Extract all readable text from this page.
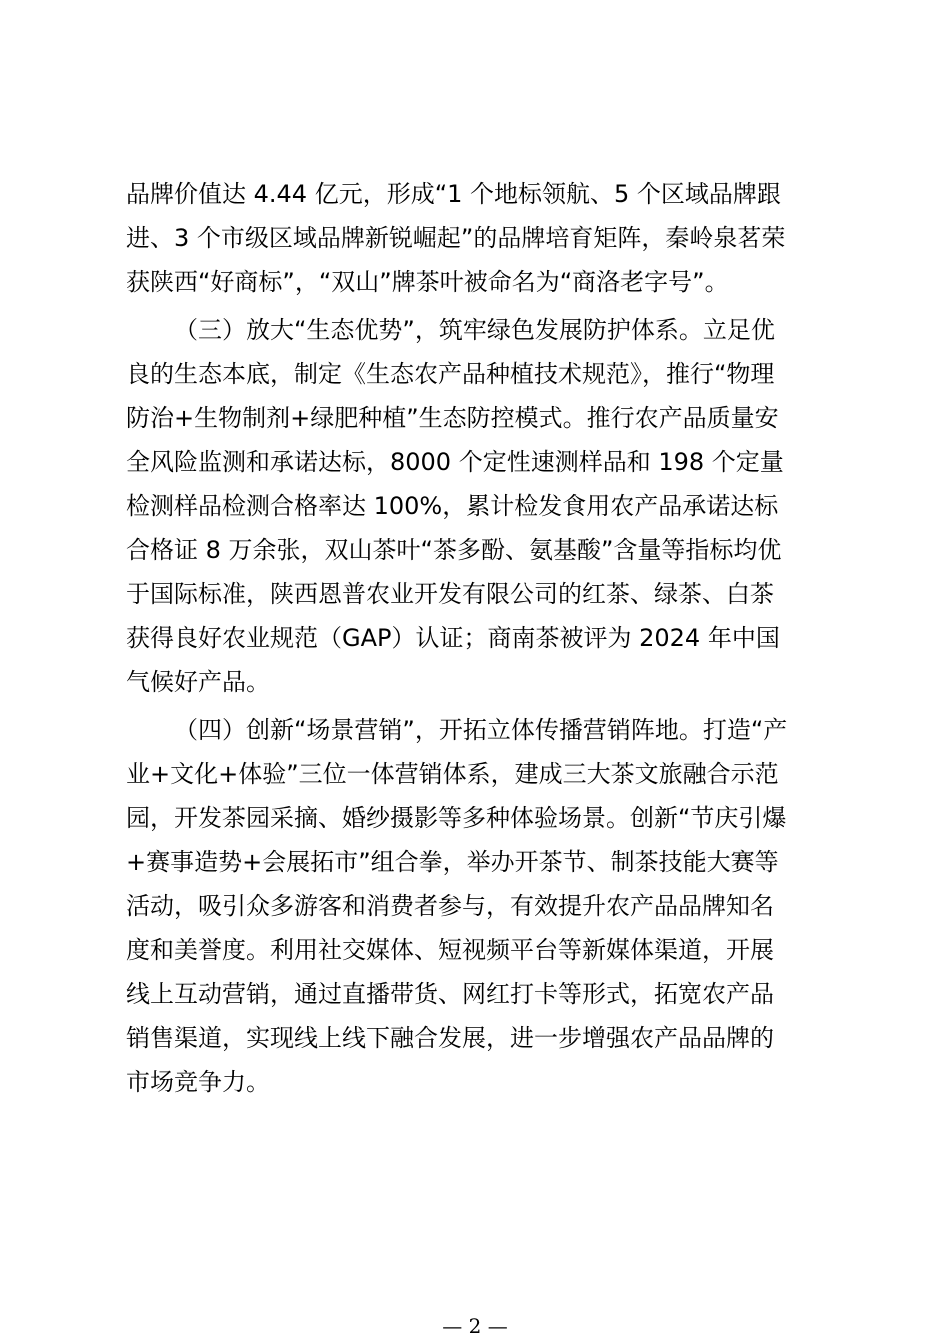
品牌价值达 4.44 亿元，形成“1 个地标领航、5 个区域品牌跟
进、3 个市级区域品牌新锐崛起”的品牌培育矩阵，秦岭泉茗荣
获陕西“好商标”，“双山”牌茶叶被命名为“商洛老字号”。
（三）放大“生态优势”，筑牢绿色发展防护体系。立足优
良的生态本底，制定《生态农产品种植技术规范》，推行“物理
防治+生物制剂+绿肥种植”生态防控模式。推行农产品质量安
全风险监测和承诺达标，8000 个定性速测样品和 198 个定量
检测样品检测合格率达 100%，累计检发食用农产品承诺达标
合格证 8 万余张，双山茶叶“茶多酚、氨基酸”含量等指标均优
于国际标准，陕西恩普农业开发有限公司的红茶、绿茶、白茶
获得良好农业规范（GAP）认证；商南茶被评为 2024 年中国
气候好产品。
（四）创新“场景营销”，开拓立体传播营销阵地。打造“产
业+文化+体验”三位一体营销体系，建成三大茶文旅融合示范
园，开发茶园采摘、婚纱摄影等多种体验场景。创新“节庆引爆
+赛事造势+会展拓市”组合拳，举办开茶节、制茶技能大赛等
活动，吸引众多游客和消费者参与，有效提升农产品品牌知名
度和美誉度。利用社交媒体、短视频平台等新媒体渠道，开展
线上互动营销，通过直播带货、网红打卡等形式，拓宽农产品
销售渠道，实现线上线下融合发展，进一步增强农产品品牌的
市场竞争力。
— 2 —
